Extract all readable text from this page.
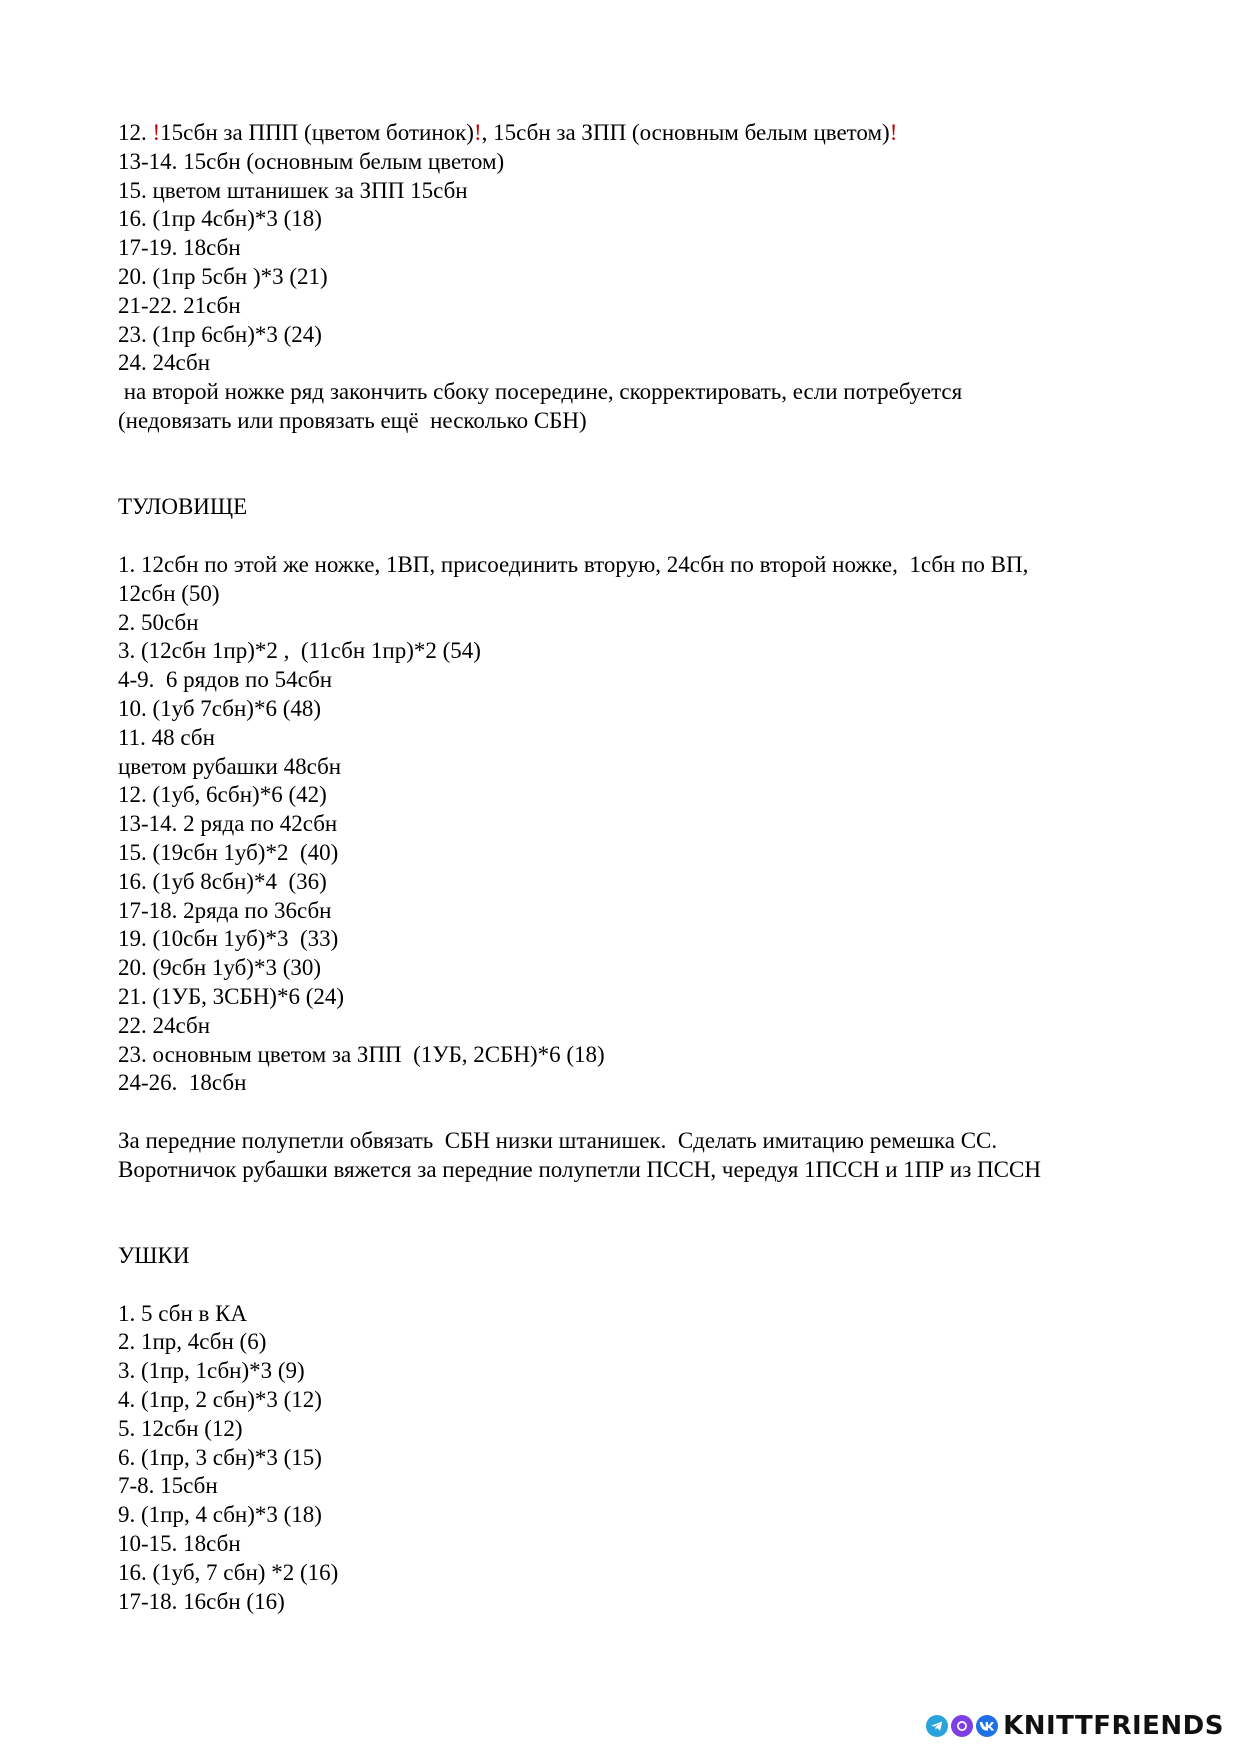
12. !15сбн за ППП (цветом ботинок)!, 15сбн за ЗПП (основным белым цветом)!

13-14. 15сбн (основным белым цветом)

15. цветом штанишек за ЗПП 15сбн

16. (1пр 4сбн)*3 (18)

17-19. 18сбн

20. (1пр 5сбн )*3 (21)

21-22. 21сбн

23. (1пр 6сбн)*3 (24)

24. 24сбн

на второй ножке ряд закончить сбоку посередине, скорректировать, если потребуется

(недовязать или провязать ещё  несколько СБН)

ТУЛОВИЩЕ

1. 12сбн по этой же ножке, 1ВП, присоединить вторую, 24сбн по второй ножке,  1сбн по ВП,

12сбн (50)

2. 50сбн

3. (12сбн 1пр)*2 ,  (11сбн 1пр)*2 (54)

4-9.  6 рядов по 54сбн

10. (1уб 7сбн)*6 (48)

11. 48 сбн

цветом рубашки 48сбн

12. (1уб, 6сбн)*6 (42)

13-14. 2 ряда по 42сбн

15. (19сбн 1уб)*2  (40)

16. (1уб 8сбн)*4  (36)

17-18. 2ряда по 36сбн

19. (10сбн 1уб)*3  (33)

20. (9сбн 1уб)*3 (30)

21. (1УБ, 3СБН)*6 (24)

22. 24сбн

23. основным цветом за ЗПП  (1УБ, 2СБН)*6 (18)

24-26.  18сбн

За передние полупетли обвязать  СБН низки штанишек.  Сделать имитацию ремешка СС.

Воротничок рубашки вяжется за передние полупетли ПССН, чередуя 1ПССН и 1ПР из ПССН

УШКИ

1. 5 сбн в КА

2. 1пр, 4сбн (6)

3. (1пр, 1сбн)*3 (9)

4. (1пр, 2 сбн)*3 (12)

5. 12сбн (12)

6. (1пр, 3 сбн)*3 (15)

7-8. 15сбн

9. (1пр, 4 сбн)*3 (18)

10-15. 18сбн

16. (1уб, 7 сбн) *2 (16)

17-18. 16сбн (16)

KNITTFRIENDS
